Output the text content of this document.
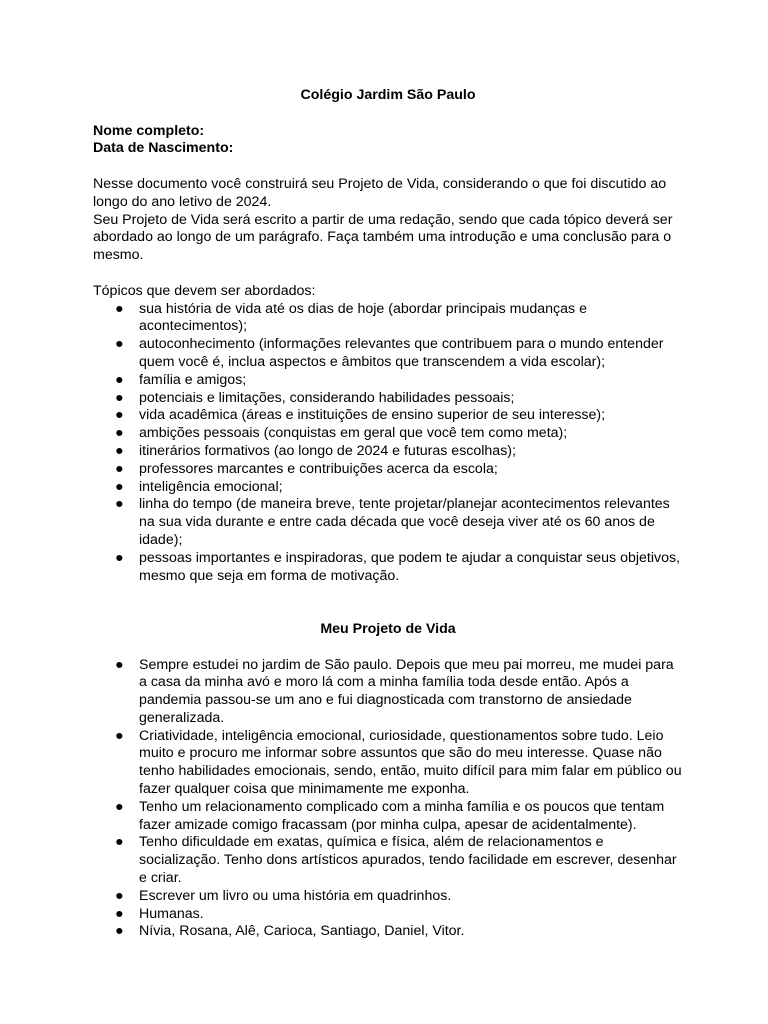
Colégio Jardim São Paulo

Nome completo:

Data de Nascimento:

Nesse documento você construirá seu Projeto de Vida, considerando o que foi discutido ao longo do ano letivo de 2024.

Seu Projeto de Vida será escrito a partir de uma redação, sendo que cada tópico deverá ser abordado ao longo de um parágrafo. Faça também uma introdução e uma conclusão para o mesmo.

Tópicos que devem ser abordados:

● sua história de vida até os dias de hoje (abordar principais mudanças e acontecimentos);
● autoconhecimento (informações relevantes que contribuem para o mundo entender quem você é, inclua aspectos e âmbitos que transcendem a vida escolar);
● família e amigos;
● potenciais e limitações, considerando habilidades pessoais;
● vida acadêmica (áreas e instituições de ensino superior de seu interesse);
● ambições pessoais (conquistas em geral que você tem como meta);
● itinerários formativos (ao longo de 2024 e futuras escolhas);
● professores marcantes e contribuições acerca da escola;
● inteligência emocional;
● linha do tempo (de maneira breve, tente projetar/planejar acontecimentos relevantes na sua vida durante e entre cada década que você deseja viver até os 60 anos de idade);
● pessoas importantes e inspiradoras, que podem te ajudar a conquistar seus objetivos, mesmo que seja em forma de motivação.

Meu Projeto de Vida

● Sempre estudei no jardim de São paulo. Depois que meu pai morreu, me mudei para a casa da minha avó e moro lá com a minha família toda desde então. Após a pandemia passou-se um ano e fui diagnosticada com transtorno de ansiedade generalizada.
● Criatividade, inteligência emocional, curiosidade, questionamentos sobre tudo. Leio muito e procuro me informar sobre assuntos que são do meu interesse. Quase não tenho habilidades emocionais, sendo, então, muito difícil para mim falar em público ou fazer qualquer coisa que minimamente me exponha.
● Tenho um relacionamento complicado com a minha família e os poucos que tentam fazer amizade comigo fracassam (por minha culpa, apesar de acidentalmente).
● Tenho dificuldade em exatas, química e física, além de relacionamentos e socialização. Tenho dons artísticos apurados, tendo facilidade em escrever, desenhar e criar.
● Escrever um livro ou uma história em quadrinhos.
● Humanas.
● Nívia, Rosana, Alê, Carioca, Santiago, Daniel, Vitor.
